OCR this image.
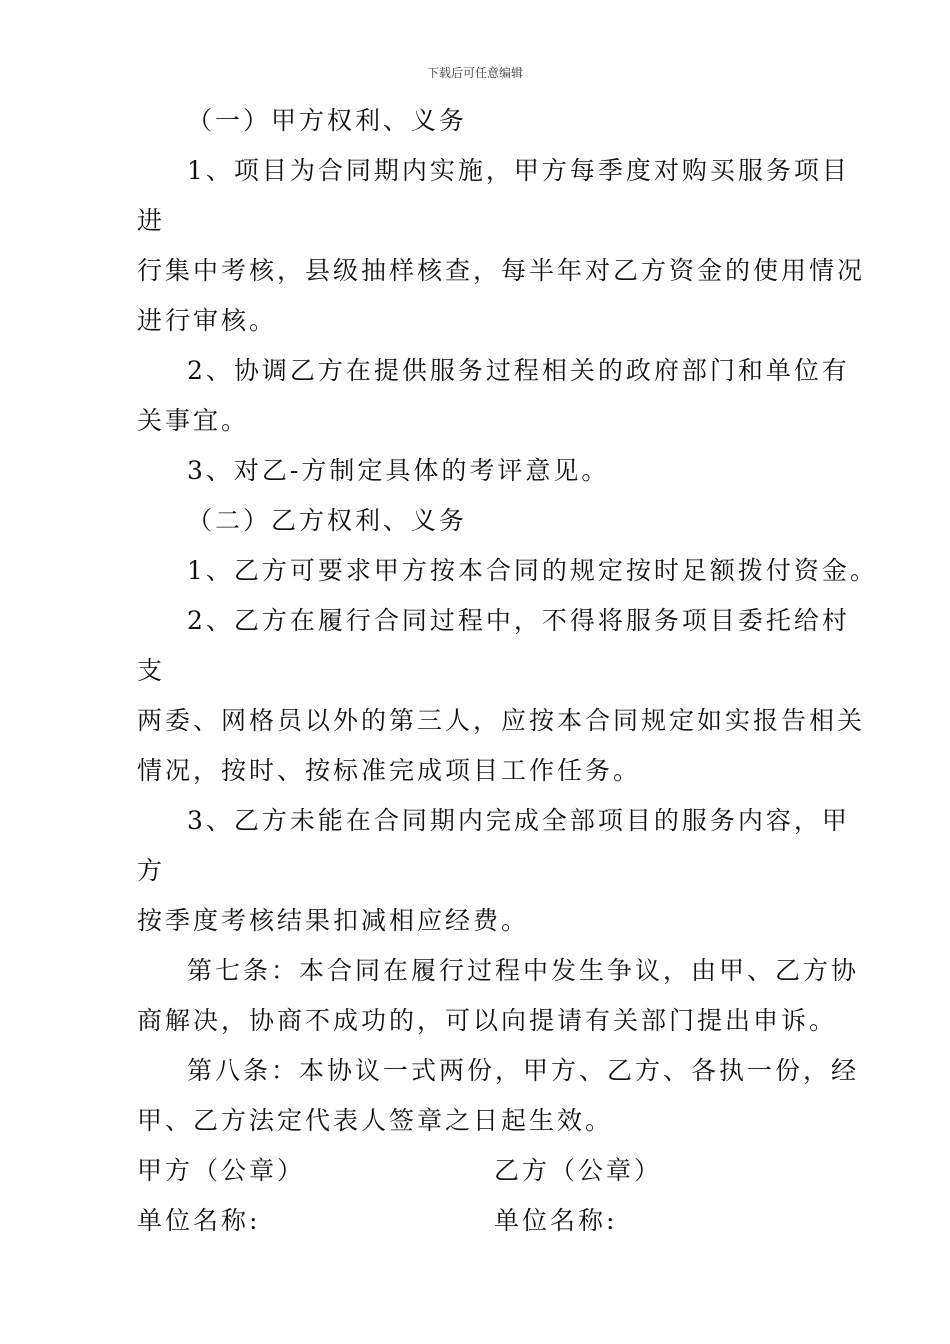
下载后可任意编辑
（一）甲方权利、义务
1、项目为合同期内实施，甲方每季度对购买服务项目
进
行集中考核，县级抽样核查，每半年对乙方资金的使用情况
进行审核。
2、协调乙方在提供服务过程相关的政府部门和单位有
关事宜。
3、对乙-方制定具体的考评意见。
（二）乙方权利、义务
1、乙方可要求甲方按本合同的规定按时足额拨付资金。
2、乙方在履行合同过程中，不得将服务项目委托给村
支
两委、网格员以外的第三人，应按本合同规定如实报告相关
情况，按时、按标准完成项目工作任务。
3、乙方未能在合同期内完成全部项目的服务内容，甲
方
按季度考核结果扣减相应经费。
第七条：本合同在履行过程中发生争议，由甲、乙方协
商解决，协商不成功的，可以向提请有关部门提出申诉。
第八条：本协议一式两份，甲方、乙方、各执一份，经
甲、乙方法定代表人签章之日起生效。
甲方（公章）	乙方（公章）
单位名称:	单位名称:
